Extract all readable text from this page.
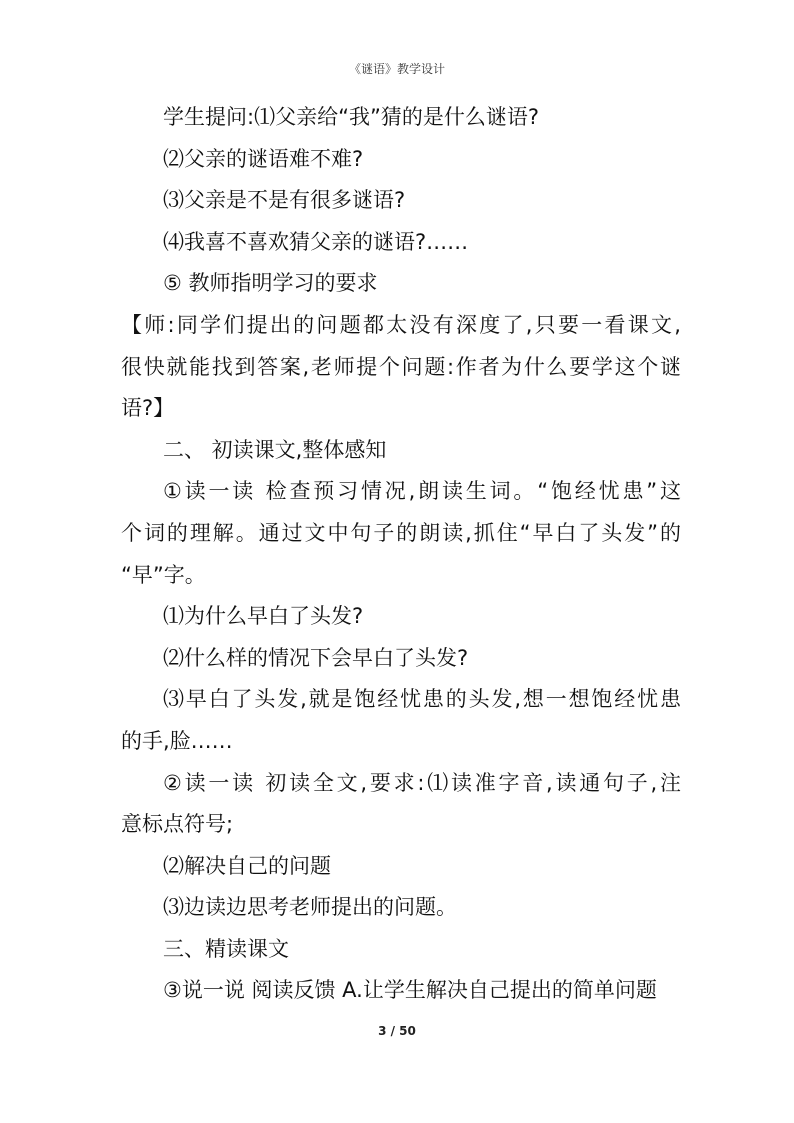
《谜语》教学设计
学生提问:⑴父亲给“我”猜的是什么谜语?
⑵父亲的谜语难不难?
⑶父亲是不是有很多谜语?
⑷我喜不喜欢猜父亲的谜语?……
⑤ 教师指明学习的要求
【师:同学们提出的问题都太没有深度了,只要一看课文,
很快就能找到答案,老师提个问题:作者为什么要学这个谜
语?】
二、 初读课文,整体感知
①读一读 检查预习情况,朗读生词。“饱经忧患”这
个词的理解。通过文中句子的朗读,抓住“早白了头发”的
“早”字。
⑴为什么早白了头发?
⑵什么样的情况下会早白了头发?
⑶早白了头发,就是饱经忧患的头发,想一想饱经忧患
的手,脸……
②读一读 初读全文,要求:⑴读准字音,读通句子,注
意标点符号;
⑵解决自己的问题
⑶边读边思考老师提出的问题。
三、精读课文
③说一说 阅读反馈 A.让学生解决自己提出的简单问题
3 / 50
